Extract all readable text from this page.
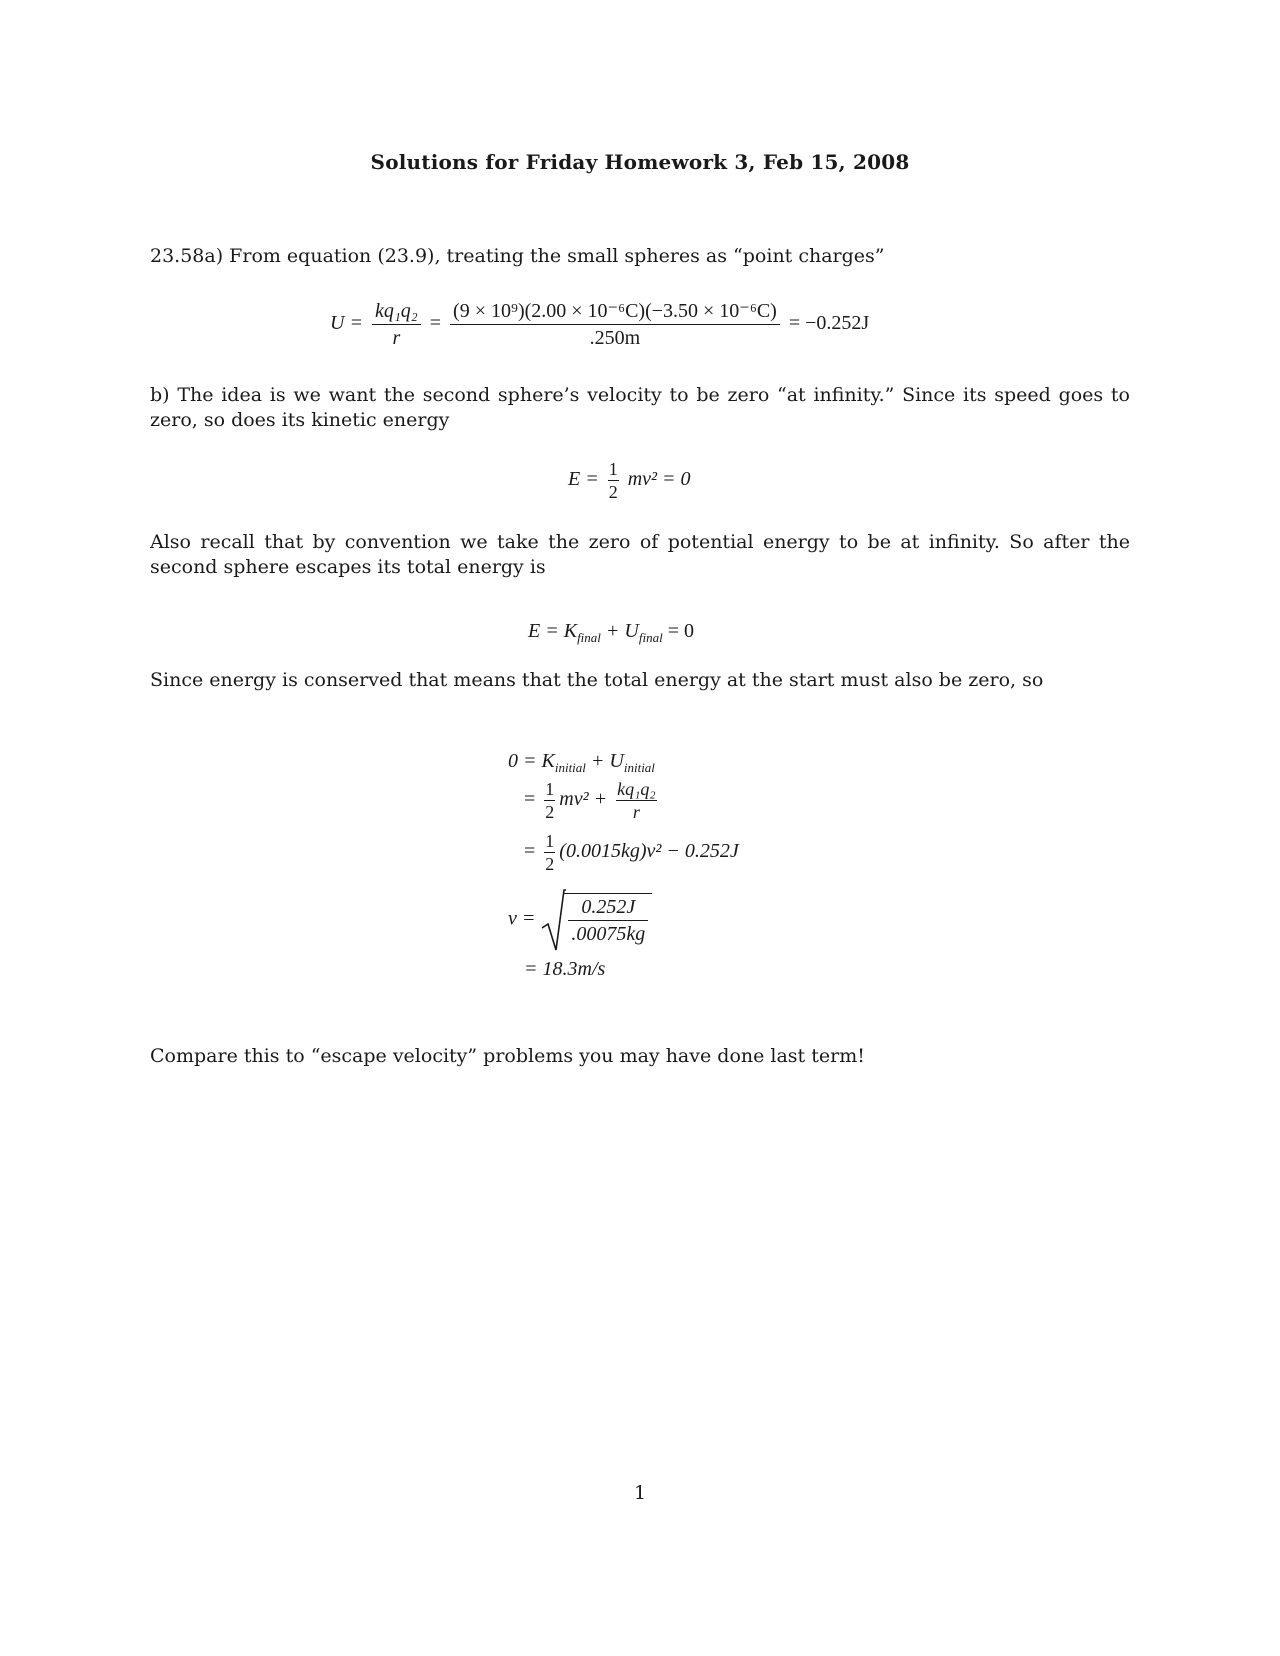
Solutions for Friday Homework 3, Feb 15, 2008
23.58a) From equation (23.9), treating the small spheres as “point charges”
$U = \frac{\text{kq₁q₂}}{r} = \frac{\text{(9 × 10⁹)(2.00 × 10⁻⁶C)(−3.50 × 10⁻⁶C)}}{.250m} = -0.252J$
b) The idea is we want the second sphere’s velocity to be zero “at infinity.” Since its speed goes to zero, so does its kinetic energy
$E = \frac{1}{2} mv^2 = 0$
Also recall that by convention we take the zero of potential energy to be at infinity. So after the second sphere escapes its total energy is
$E = K_{final} + U_{final} = 0$
Since energy is conserved that means that the total energy at the start must also be zero, so
$0 = K_{initial} + U_{initial}$
= $\frac{1}{2} mv^2 + \frac{\text{kq₁q₂}}{r}$
= $\frac{1}{2} (0.0015kg)v^2 - 0.252J$
$v = \frac{0.252J}{.00075kg}$
= 18.3m/s
Compare this to “escape velocity” problems you may have done last term!
1
